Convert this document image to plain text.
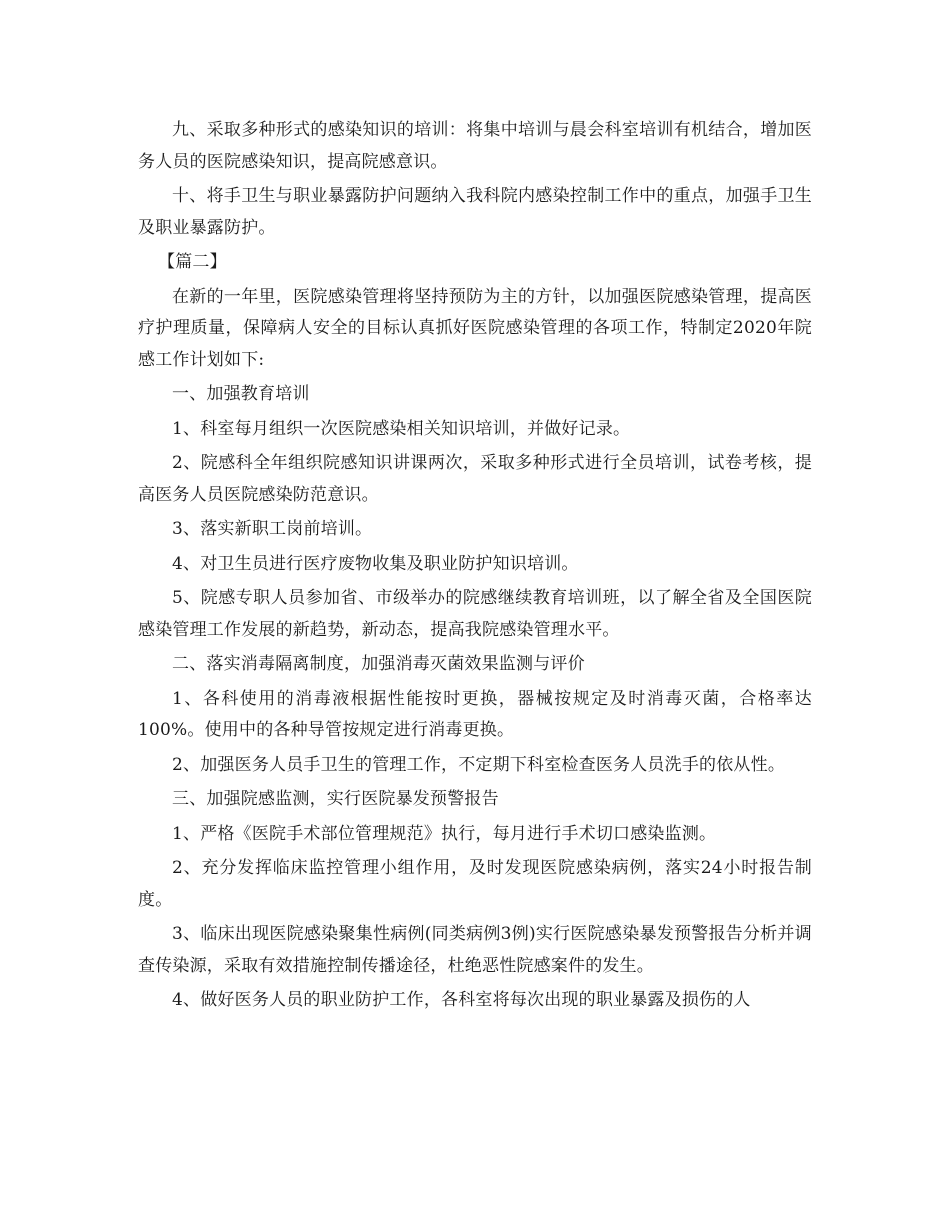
九、采取多种形式的感染知识的培训：将集中培训与晨会科室培训有机结合，增加医务人员的医院感染知识，提高院感意识。

十、将手卫生与职业暴露防护问题纳入我科院内感染控制工作中的重点，加强手卫生及职业暴露防护。

【篇二】

在新的一年里，医院感染管理将坚持预防为主的方针，以加强医院感染管理，提高医疗护理质量，保障病人安全的目标认真抓好医院感染管理的各项工作，特制定2020年院感工作计划如下:

一、加强教育培训

1、科室每月组织一次医院感染相关知识培训，并做好记录。

2、院感科全年组织院感知识讲课两次，采取多种形式进行全员培训，试卷考核，提高医务人员医院感染防范意识。

3、落实新职工岗前培训。

4、对卫生员进行医疗废物收集及职业防护知识培训。

5、院感专职人员参加省、市级举办的院感继续教育培训班，以了解全省及全国医院感染管理工作发展的新趋势，新动态，提高我院感染管理水平。

二、落实消毒隔离制度，加强消毒灭菌效果监测与评价

1、各科使用的消毒液根据性能按时更换，器械按规定及时消毒灭菌，合格率达100%。使用中的各种导管按规定进行消毒更换。

2、加强医务人员手卫生的管理工作，不定期下科室检查医务人员洗手的依从性。

三、加强院感监测，实行医院暴发预警报告

1、严格《医院手术部位管理规范》执行，每月进行手术切口感染监测。

2、充分发挥临床监控管理小组作用，及时发现医院感染病例，落实24小时报告制度。

3、临床出现医院感染聚集性病例(同类病例3例)实行医院感染暴发预警报告分析并调查传染源，采取有效措施控制传播途径，杜绝恶性院感案件的发生。

4、做好医务人员的职业防护工作，各科室将每次出现的职业暴露及损伤的人
